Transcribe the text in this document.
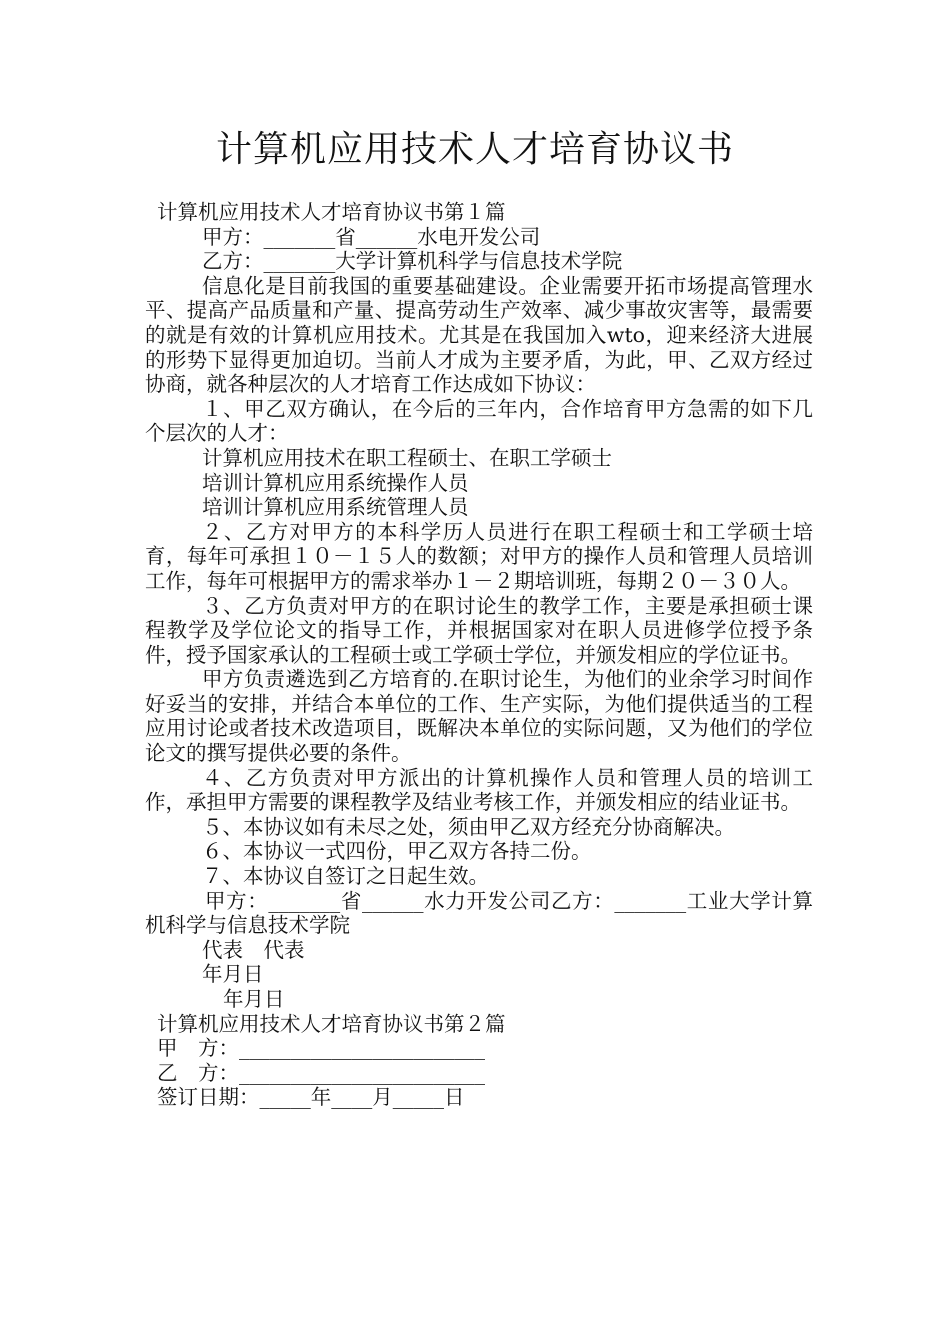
计算机应用技术人才培育协议书

计算机应用技术人才培育协议书第１篇

甲方：_______省______水电开发公司

乙方：_______大学计算机科学与信息技术学院

信息化是目前我国的重要基础建设。企业需要开拓市场提高管理水平、提高产品质量和产量、提高劳动生产效率、减少事故灾害等，最需要的就是有效的计算机应用技术。尤其是在我国加入wto，迎来经济大进展的形势下显得更加迫切。当前人才成为主要矛盾，为此，甲、乙双方经过协商，就各种层次的人才培育工作达成如下协议：

１、甲乙双方确认，在今后的三年内，合作培育甲方急需的如下几个层次的人才：

计算机应用技术在职工程硕士、在职工学硕士

培训计算机应用系统操作人员

培训计算机应用系统管理人员

２、乙方对甲方的本科学历人员进行在职工程硕士和工学硕士培育，每年可承担１０－１５人的数额；对甲方的操作人员和管理人员培训工作，每年可根据甲方的需求举办１－２期培训班，每期２０－３０人。

３、乙方负责对甲方的在职讨论生的教学工作，主要是承担硕士课程教学及学位论文的指导工作，并根据国家对在职人员进修学位授予条件，授予国家承认的工程硕士或工学硕士学位，并颁发相应的学位证书。

甲方负责遴选到乙方培育的.在职讨论生，为他们的业余学习时间作好妥当的安排，并结合本单位的工作、生产实际，为他们提供适当的工程应用讨论或者技术改造项目，既解决本单位的实际问题，又为他们的学位论文的撰写提供必要的条件。

４、乙方负责对甲方派出的计算机操作人员和管理人员的培训工作，承担甲方需要的课程教学及结业考核工作，并颁发相应的结业证书。

５、本协议如有未尽之处，须由甲乙双方经充分协商解决。

６、本协议一式四份，甲乙双方各持二份。

７、本协议自签订之日起生效。

甲方：_______省______水力开发公司乙方：_______工业大学计算机科学与信息技术学院

代表　代表

年月日

年月日

计算机应用技术人才培育协议书第２篇

甲　方：________________________

乙　方：________________________

签订日期：_____年____月_____日
